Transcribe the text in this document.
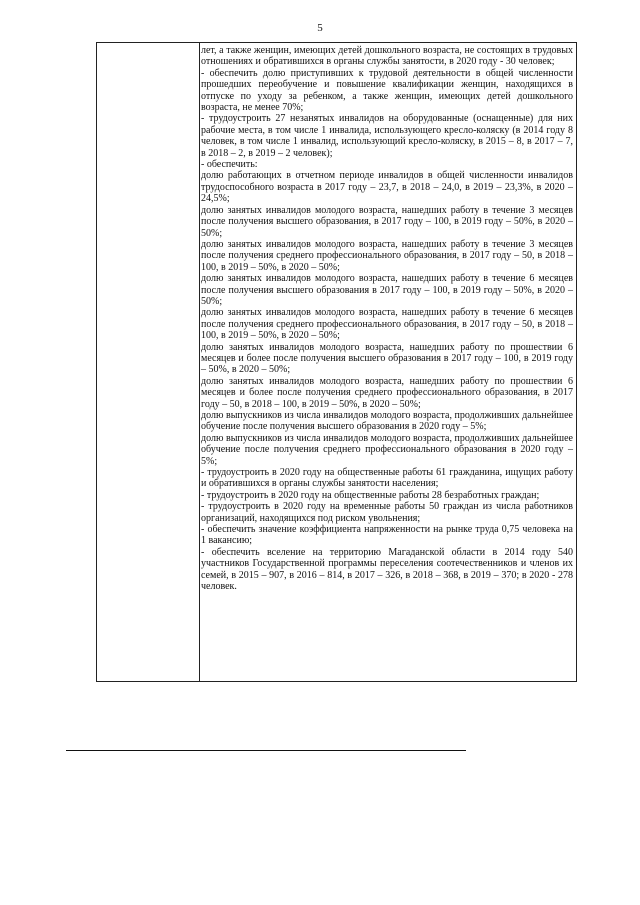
5

лет, а также женщин, имеющих детей дошкольного возраста, не состоящих в трудовых отношениях и обратившихся в органы службы занятости, в 2020 году - 30 человек;

- обеспечить долю приступивших к трудовой деятельности в общей численности прошедших переобучение и повышение квалификации женщин, находящихся в отпуске по уходу за ребенком, а также женщин, имеющих детей дошкольного возраста, не менее 70%;

- трудоустроить 27 незанятых инвалидов на оборудованные (оснащенные) для них рабочие места, в том числе 1 инвалида, использующего кресло-коляску (в 2014 году 8 человек, в том числе 1 инвалид, использующий кресло-коляску, в 2015 – 8, в 2017 – 7, в 2018 – 2, в 2019 – 2 человек);

- обеспечить:

долю работающих в отчетном периоде инвалидов в общей численности инвалидов трудоспособного возраста в 2017 году – 23,7, в 2018 – 24,0, в 2019 – 23,3%, в 2020 – 24,5%;

долю занятых инвалидов молодого возраста, нашедших работу в течение 3 месяцев после получения высшего образования, в 2017 году – 100, в 2019 году – 50%, в 2020 – 50%;

долю занятых инвалидов молодого возраста, нашедших работу в течение 3 месяцев после получения среднего профессионального образования, в 2017 году – 50, в 2018 – 100, в 2019 – 50%, в 2020 – 50%;

долю занятых инвалидов молодого возраста, нашедших работу в течение 6 месяцев после получения высшего образования в 2017 году – 100, в 2019 году – 50%, в 2020 – 50%;

долю занятых инвалидов молодого возраста, нашедших работу в течение 6 месяцев после получения среднего профессионального образования, в 2017 году – 50, в 2018 – 100, в 2019 – 50%, в 2020 – 50%;

долю занятых инвалидов молодого возраста, нашедших работу по прошествии 6 месяцев и более после получения высшего образования в 2017 году – 100, в 2019 году – 50%, в 2020 – 50%;

долю занятых инвалидов молодого возраста, нашедших работу по прошествии 6 месяцев и более после получения среднего профессионального образования, в 2017 году – 50, в 2018 – 100, в 2019 – 50%, в 2020 – 50%;

долю выпускников из числа инвалидов молодого возраста, продолживших дальнейшее обучение после получения высшего образования в 2020 году – 5%;

долю выпускников из числа инвалидов молодого возраста, продолживших дальнейшее обучение после получения среднего профессионального образования в 2020 году – 5%;

- трудоустроить в 2020 году на общественные работы 61 гражданина, ищущих работу и обратившихся в органы службы занятости населения;

- трудоустроить в 2020 году на общественные работы 28 безработных граждан;

- трудоустроить в 2020 году на временные работы 50 граждан из числа работников организаций, находящихся под риском увольнения;

- обеспечить значение коэффициента напряженности на рынке труда 0,75 человека на 1 вакансию;

- обеспечить вселение на территорию Магаданской области в 2014 году 540 участников Государственной программы переселения соотечественников и членов их семей, в 2015 – 907, в 2016 – 814, в 2017 – 326, в 2018 – 368, в 2019 – 370; в 2020 - 278 человек.
